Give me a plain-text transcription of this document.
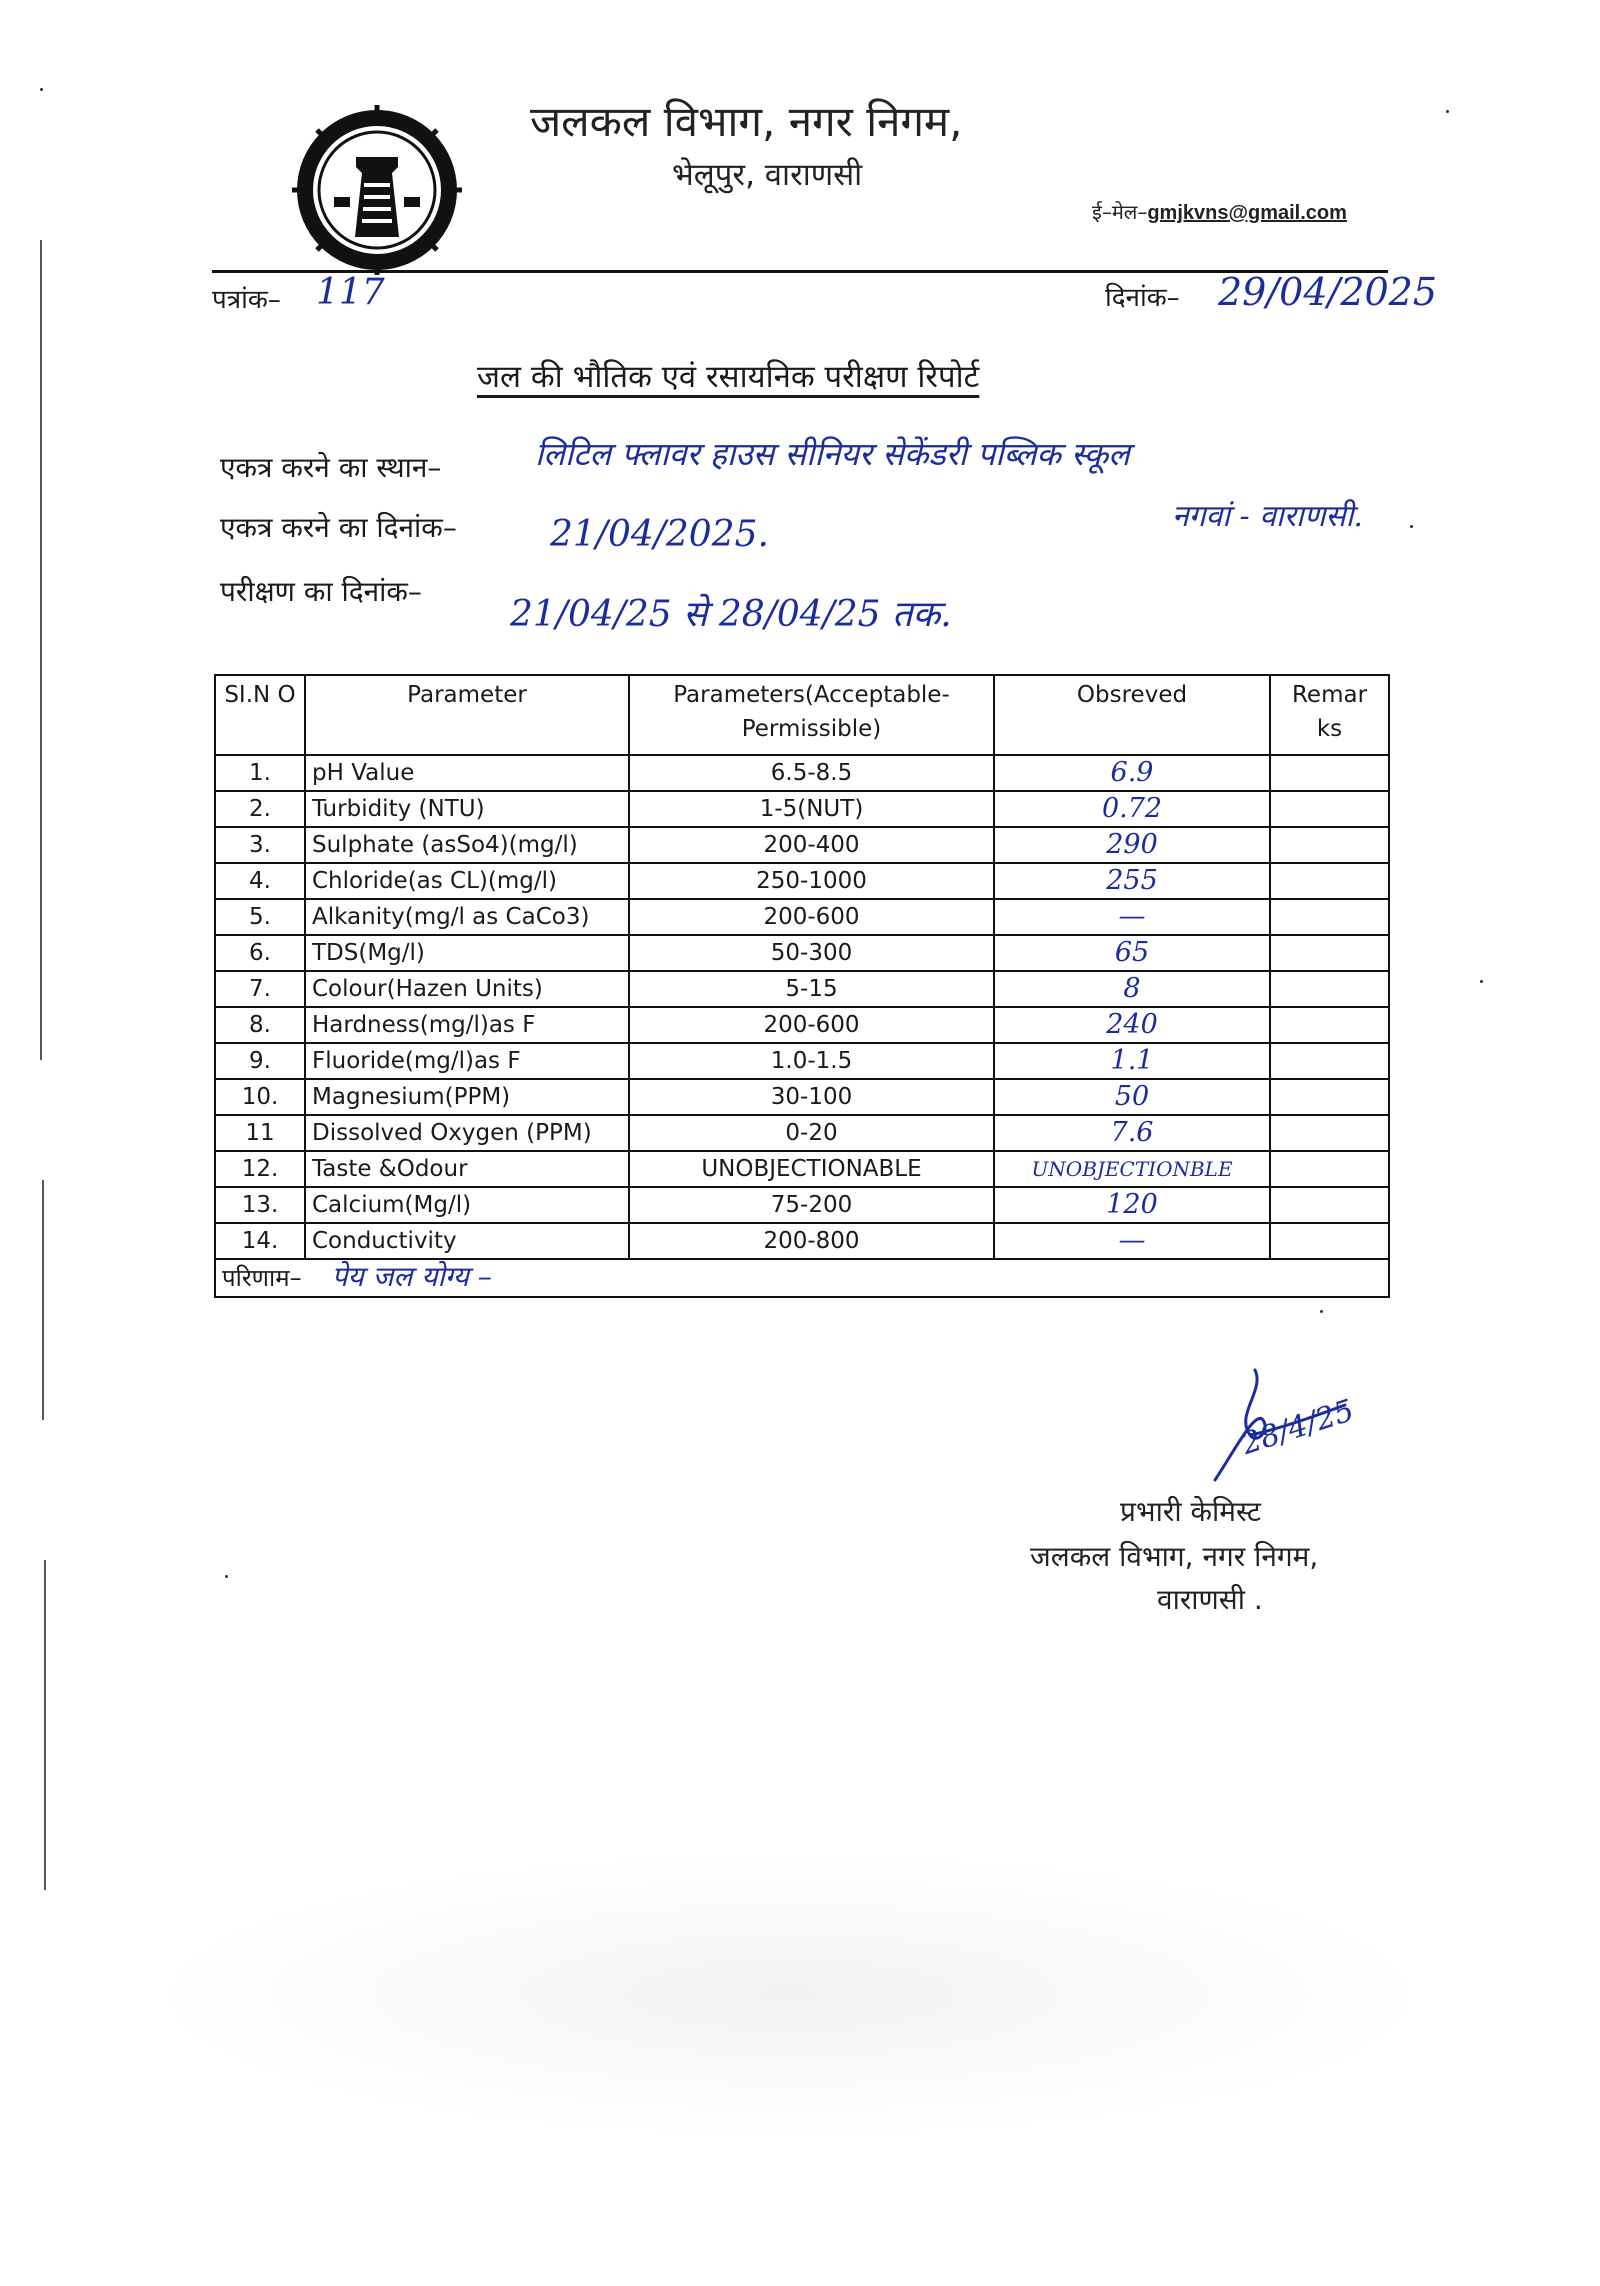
जलकल विभाग, नगर निगम,
भेलूपुर, वाराणसी
ई–मेल–gmjkvns@gmail.com
पत्रांक– 117	दिनांक– 29/04/2025
जल की भौतिक एवं रसायनिक परीक्षण रिपोर्ट
एकत्र करने का स्थान–	लिटिल फ्लावर हाउस सीनियर सेकेंडरी पब्लिक स्कूल
नगवां - वाराणसी.
एकत्र करने का दिनांक–	21/04/2025.
परीक्षण का दिनांक–
21/04/25 से 28/04/25 तक.
SI.N O	Parameter	Parameters(Acceptable-Permissible)	Obsreved	Remar ks
1.	pH Value	6.5-8.5	6.9	
2.	Turbidity (NTU)	1-5(NUT)	0.72	
3.	Sulphate (asSo4)(mg/l)	200-400	290	
4.	Chloride(as CL)(mg/l)	250-1000	255	
5.	Alkanity(mg/l as CaCo3)	200-600	—	
6.	TDS(Mg/l)	50-300	65	
7.	Colour(Hazen Units)	5-15	8	
8.	Hardness(mg/l)as F	200-600	240	
9.	Fluoride(mg/l)as F	1.0-1.5	1.1	
10.	Magnesium(PPM)	30-100	50	
11	Dissolved Oxygen (PPM)	0-20	7.6	
12.	Taste &Odour	UNOBJECTIONABLE	UNOBJECTIONBLE	
13.	Calcium(Mg/l)	75-200	120	
14.	Conductivity	200-800	—	
परिणाम– पेय जल योग्य –				
28/4/25
प्रभारी केमिस्ट
जलकल विभाग, नगर निगम,
वाराणसी .
